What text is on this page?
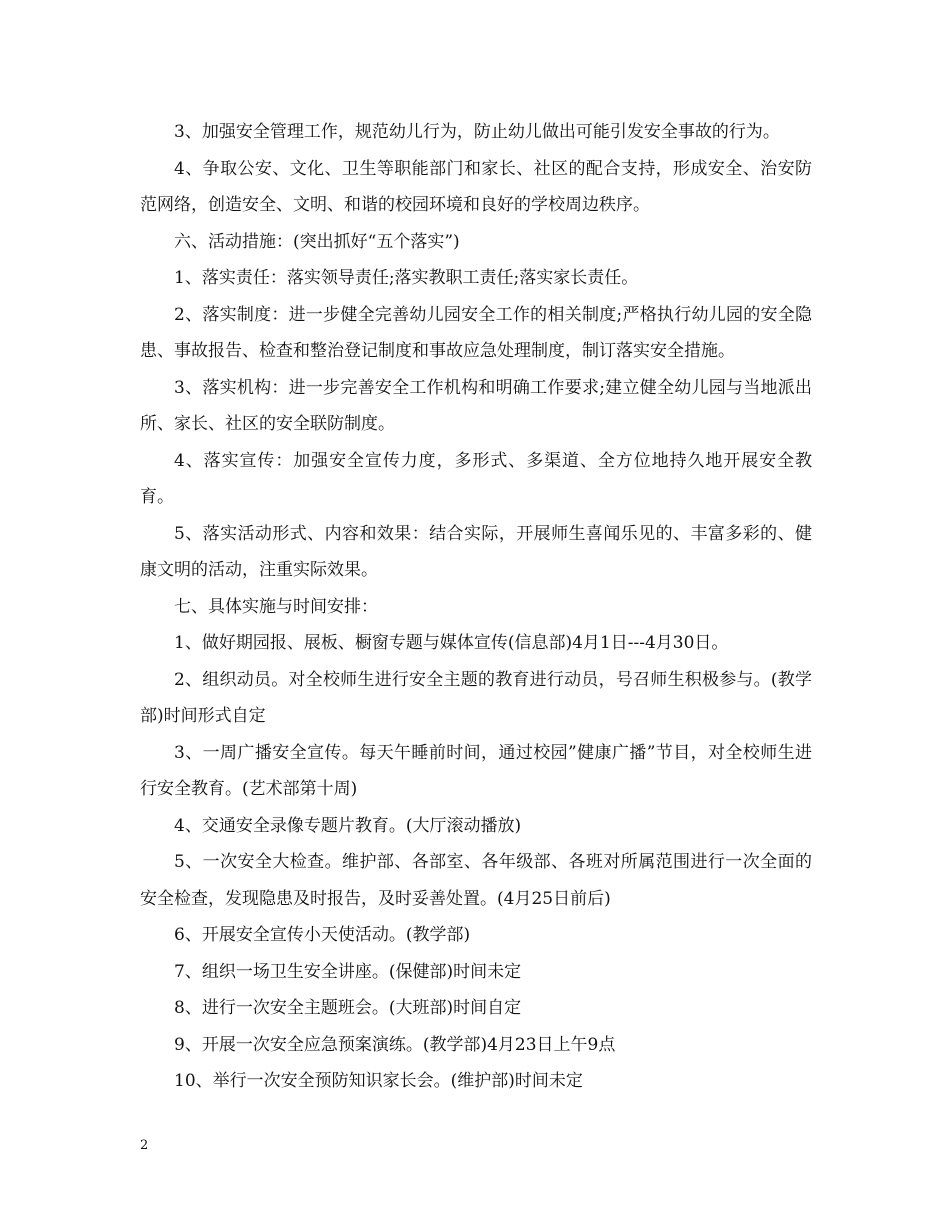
3、加强安全管理工作，规范幼儿行为，防止幼儿做出可能引发安全事故的行为。

4、争取公安、文化、卫生等职能部门和家长、社区的配合支持，形成安全、治安防范网络，创造安全、文明、和谐的校园环境和良好的学校周边秩序。

六、活动措施：(突出抓好“五个落实”)

1、落实责任：落实领导责任;落实教职工责任;落实家长责任。

2、落实制度：进一步健全完善幼儿园安全工作的相关制度;严格执行幼儿园的安全隐患、事故报告、检查和整治登记制度和事故应急处理制度，制订落实安全措施。

3、落实机构：进一步完善安全工作机构和明确工作要求;建立健全幼儿园与当地派出所、家长、社区的安全联防制度。

4、落实宣传：加强安全宣传力度，多形式、多渠道、全方位地持久地开展安全教育。

5、落实活动形式、内容和效果：结合实际，开展师生喜闻乐见的、丰富多彩的、健康文明的活动，注重实际效果。

七、具体实施与时间安排：

1、做好期园报、展板、橱窗专题与媒体宣传(信息部)4月1日---4月30日。

2、组织动员。对全校师生进行安全主题的教育进行动员，号召师生积极参与。(教学部)时间形式自定

3、一周广播安全宣传。每天午睡前时间，通过校园”健康广播”节目，对全校师生进行安全教育。(艺术部第十周)

4、交通安全录像专题片教育。(大厅滚动播放)

5、一次安全大检查。维护部、各部室、各年级部、各班对所属范围进行一次全面的安全检查，发现隐患及时报告，及时妥善处置。(4月25日前后)

6、开展安全宣传小天使活动。(教学部)

7、组织一场卫生安全讲座。(保健部)时间未定

8、进行一次安全主题班会。(大班部)时间自定

9、开展一次安全应急预案演练。(教学部)4月23日上午9点

10、举行一次安全预防知识家长会。(维护部)时间未定

2
